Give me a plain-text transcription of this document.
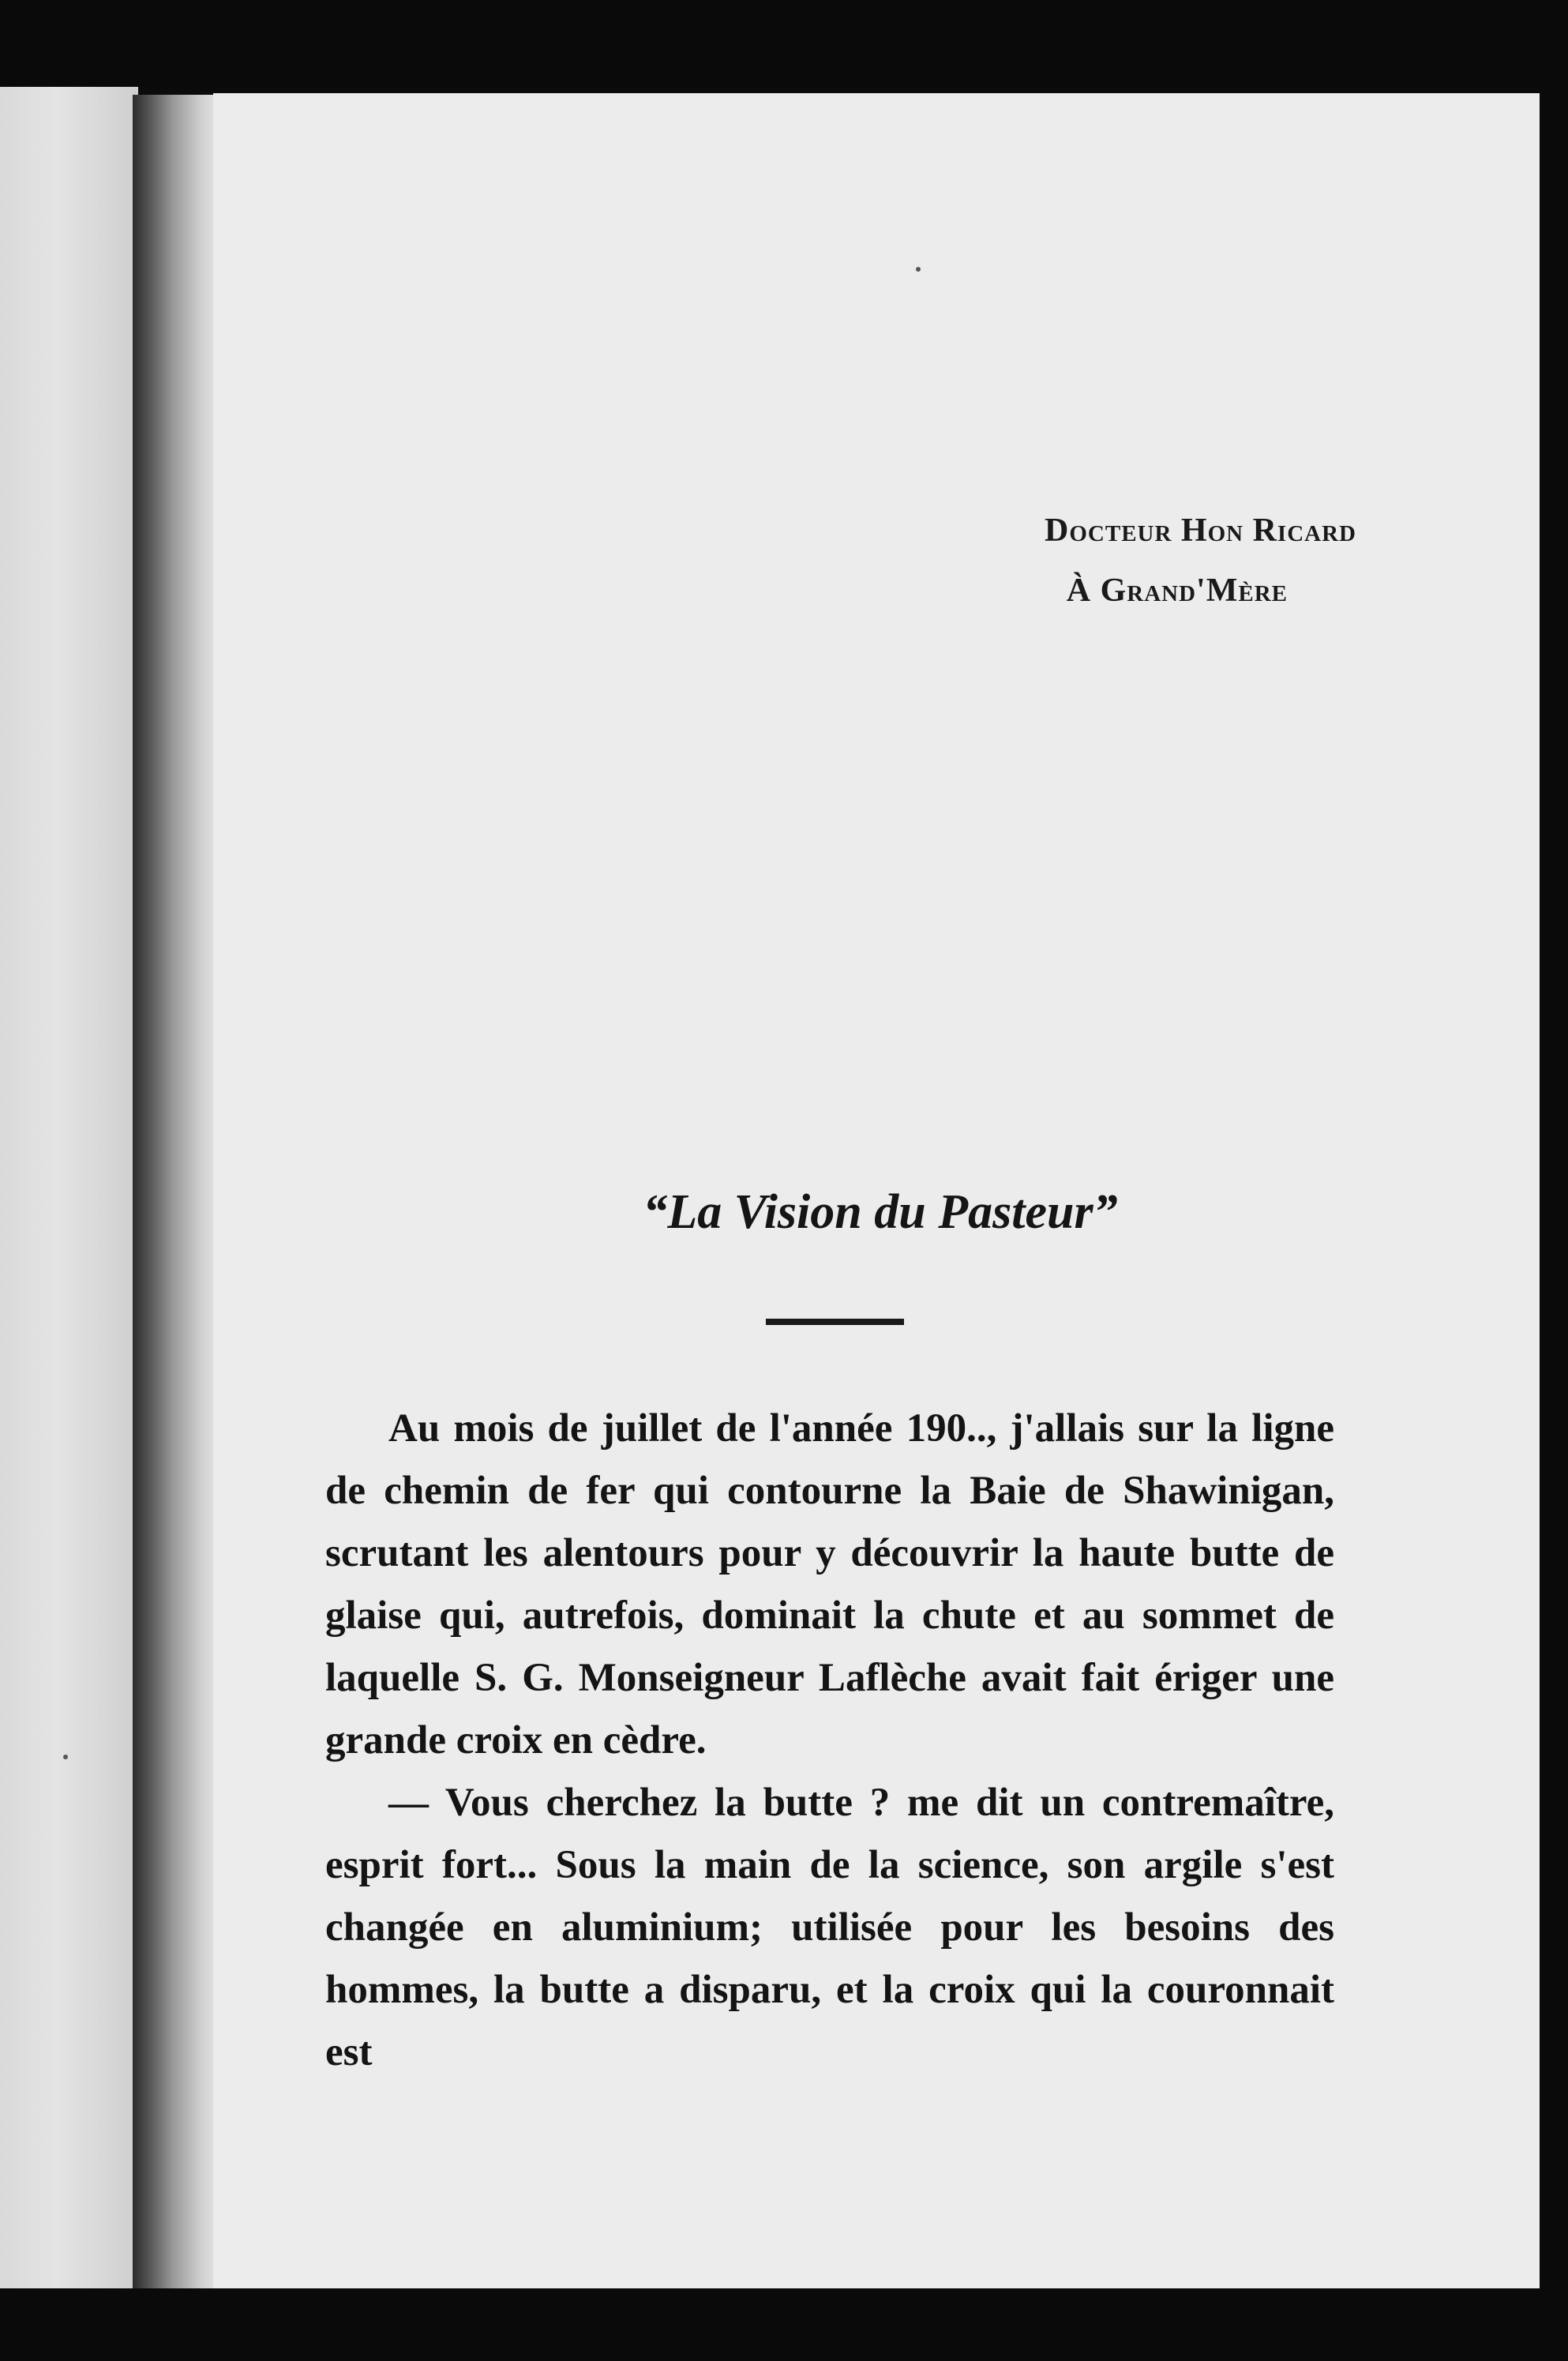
Docteur Hon Ricard
À Grand'Mère
“La Vision du Pasteur”

Au mois de juillet de l'année 190.., j'allais sur la ligne de chemin de fer qui contourne la Baie de Shawinigan, scrutant les alentours pour y découvrir la haute butte de glaise qui, autrefois, dominait la chute et au sommet de laquelle S. G. Monseigneur Laflèche avait fait ériger une grande croix en cèdre.

— Vous cherchez la butte ? me dit un contremaître, esprit fort... Sous la main de la science, son argile s'est changée en aluminium; utilisée pour les besoins des hommes, la butte a disparu, et la croix qui la couronnait est
